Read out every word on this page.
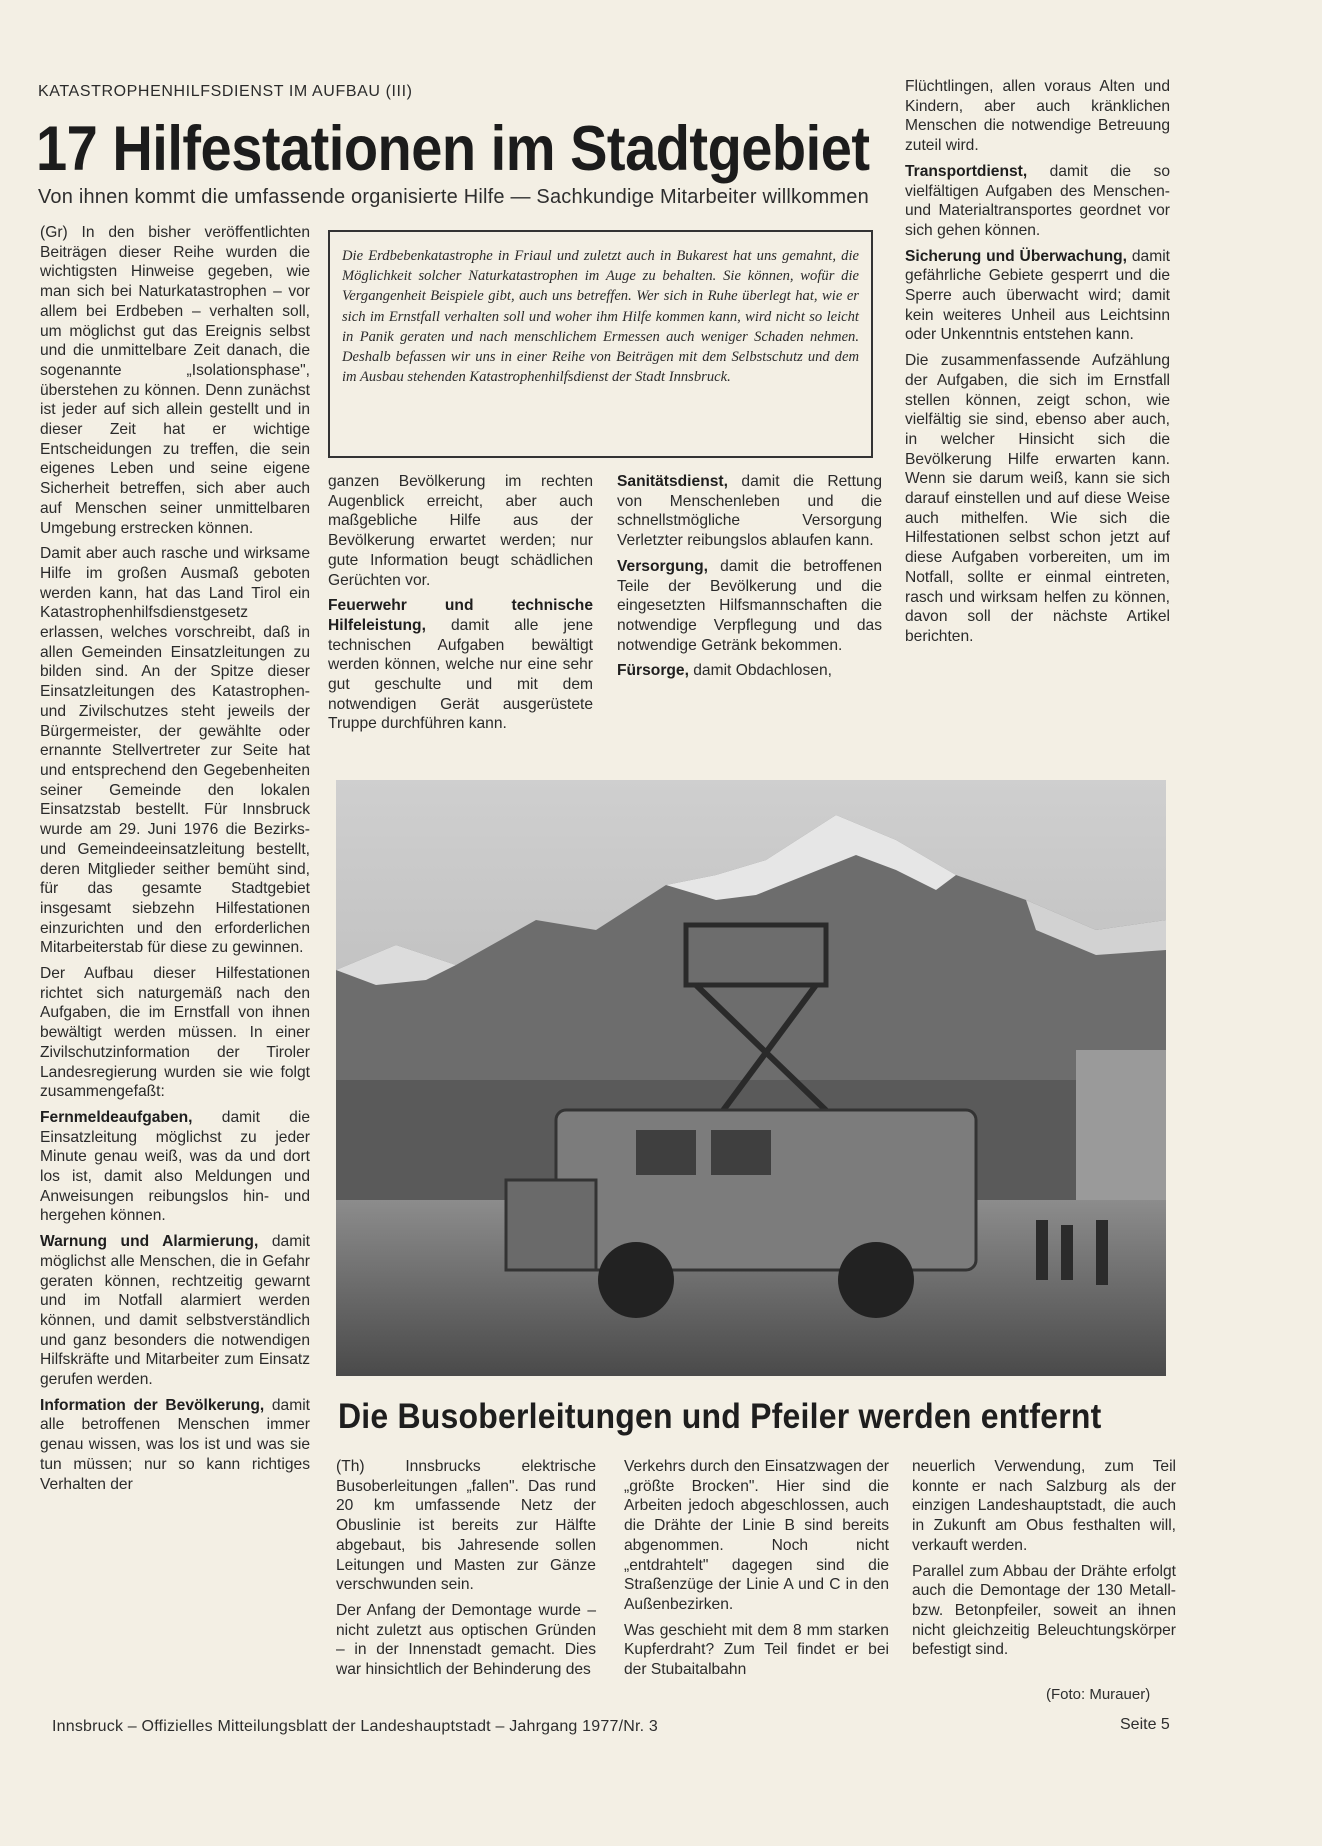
KATASTROPHENHILFSDIENST IM AUFBAU (III)
17 Hilfestationen im Stadtgebiet
Von ihnen kommt die umfassende organisierte Hilfe — Sachkundige Mitarbeiter willkommen

(Gr) In den bisher veröffentlichten Beiträgen dieser Reihe wurden die wichtigsten Hinweise gegeben, wie man sich bei Naturkatastrophen – vor allem bei Erdbeben – verhalten soll, um möglichst gut das Ereignis selbst und die unmittelbare Zeit danach, die sogenannte „Isolationsphase", überstehen zu können. Denn zunächst ist jeder auf sich allein gestellt und in dieser Zeit hat er wichtige Entscheidungen zu treffen, die sein eigenes Leben und seine eigene Sicherheit betreffen, sich aber auch auf Menschen seiner unmittelbaren Umgebung erstrecken können.

Damit aber auch rasche und wirksame Hilfe im großen Ausmaß geboten werden kann, hat das Land Tirol ein Katastrophenhilfsdienstgesetz erlassen, welches vorschreibt, daß in allen Gemeinden Einsatzleitungen zu bilden sind. An der Spitze dieser Einsatzleitungen des Katastrophen- und Zivilschutzes steht jeweils der Bürgermeister, der gewählte oder ernannte Stellvertreter zur Seite hat und entsprechend den Gegebenheiten seiner Gemeinde den lokalen Einsatzstab bestellt. Für Innsbruck wurde am 29. Juni 1976 die Bezirks- und Gemeindeeinsatzleitung bestellt, deren Mitglieder seither bemüht sind, für das gesamte Stadtgebiet insgesamt siebzehn Hilfestationen einzurichten und den erforderlichen Mitarbeiterstab für diese zu gewinnen.

Der Aufbau dieser Hilfestationen richtet sich naturgemäß nach den Aufgaben, die im Ernstfall von ihnen bewältigt werden müssen. In einer Zivilschutzinformation der Tiroler Landesregierung wurden sie wie folgt zusammengefaßt:

Fernmeldeaufgaben, damit die Einsatzleitung möglichst zu jeder Minute genau weiß, was da und dort los ist, damit also Meldungen und Anweisungen reibungslos hin- und hergehen können.

Warnung und Alarmierung, damit möglichst alle Menschen, die in Gefahr geraten können, rechtzeitig gewarnt und im Notfall alarmiert werden können, und damit selbstverständlich und ganz besonders die notwendigen Hilfskräfte und Mitarbeiter zum Einsatz gerufen werden.

Information der Bevölkerung, damit alle betroffenen Menschen immer genau wissen, was los ist und was sie tun müssen; nur so kann richtiges Verhalten der

Die Erdbebenkatastrophe in Friaul und zuletzt auch in Bukarest hat uns gemahnt, die Möglichkeit solcher Naturkatastrophen im Auge zu behalten. Sie können, wofür die Vergangenheit Beispiele gibt, auch uns betreffen. Wer sich in Ruhe überlegt hat, wie er sich im Ernstfall verhalten soll und woher ihm Hilfe kommen kann, wird nicht so leicht in Panik geraten und nach menschlichem Ermessen auch weniger Schaden nehmen. Deshalb befassen wir uns in einer Reihe von Beiträgen mit dem Selbstschutz und dem im Ausbau stehenden Katastrophenhilfsdienst der Stadt Innsbruck.

ganzen Bevölkerung im rechten Augenblick erreicht, aber auch maßgebliche Hilfe aus der Bevölkerung erwartet werden; nur gute Information beugt schädlichen Gerüchten vor.

Feuerwehr und technische Hilfeleistung, damit alle jene technischen Aufgaben bewältigt werden können, welche nur eine sehr gut geschulte und mit dem notwendigen Gerät ausgerüstete Truppe durchführen kann.

Sanitätsdienst, damit die Rettung von Menschenleben und die schnellstmögliche Versorgung Verletzter reibungslos ablaufen kann.

Versorgung, damit die betroffenen Teile der Bevölkerung und die eingesetzten Hilfsmannschaften die notwendige Verpflegung und das notwendige Getränk bekommen.

Fürsorge, damit Obdachlosen,

Flüchtlingen, allen voraus Alten und Kindern, aber auch kränklichen Menschen die notwendige Betreuung zuteil wird.

Transportdienst, damit die so vielfältigen Aufgaben des Menschen- und Materialtransportes geordnet vor sich gehen können.

Sicherung und Überwachung, damit gefährliche Gebiete gesperrt und die Sperre auch überwacht wird; damit kein weiteres Unheil aus Leichtsinn oder Unkenntnis entstehen kann.

Die zusammenfassende Aufzählung der Aufgaben, die sich im Ernstfall stellen können, zeigt schon, wie vielfältig sie sind, ebenso aber auch, in welcher Hinsicht sich die Bevölkerung Hilfe erwarten kann. Wenn sie darum weiß, kann sie sich darauf einstellen und auf diese Weise auch mithelfen. Wie sich die Hilfestationen selbst schon jetzt auf diese Aufgaben vorbereiten, um im Notfall, sollte er einmal eintreten, rasch und wirksam helfen zu können, davon soll der nächste Artikel berichten.

Die Busoberleitungen und Pfeiler werden entfernt

(Th) Innsbrucks elektrische Busoberleitungen „fallen". Das rund 20 km umfassende Netz der Obuslinie ist bereits zur Hälfte abgebaut, bis Jahresende sollen Leitungen und Masten zur Gänze verschwunden sein.

Der Anfang der Demontage wurde – nicht zuletzt aus optischen Gründen – in der Innenstadt gemacht. Dies war hinsichtlich der Behinderung des

Verkehrs durch den Einsatzwagen der „größte Brocken". Hier sind die Arbeiten jedoch abgeschlossen, auch die Drähte der Linie B sind bereits abgenommen. Noch nicht „entdrahtelt" dagegen sind die Straßenzüge der Linie A und C in den Außenbezirken.

Was geschieht mit dem 8 mm starken Kupferdraht? Zum Teil findet er bei der Stubaitalbahn

neuerlich Verwendung, zum Teil konnte er nach Salzburg als der einzigen Landeshauptstadt, die auch in Zukunft am Obus festhalten will, verkauft werden.

Parallel zum Abbau der Drähte erfolgt auch die Demontage der 130 Metall- bzw. Betonpfeiler, soweit an ihnen nicht gleichzeitig Beleuchtungskörper befestigt sind.

(Foto: Murauer)
Innsbruck – Offizielles Mitteilungsblatt der Landeshauptstadt – Jahrgang 1977/Nr. 3	Seite 5
